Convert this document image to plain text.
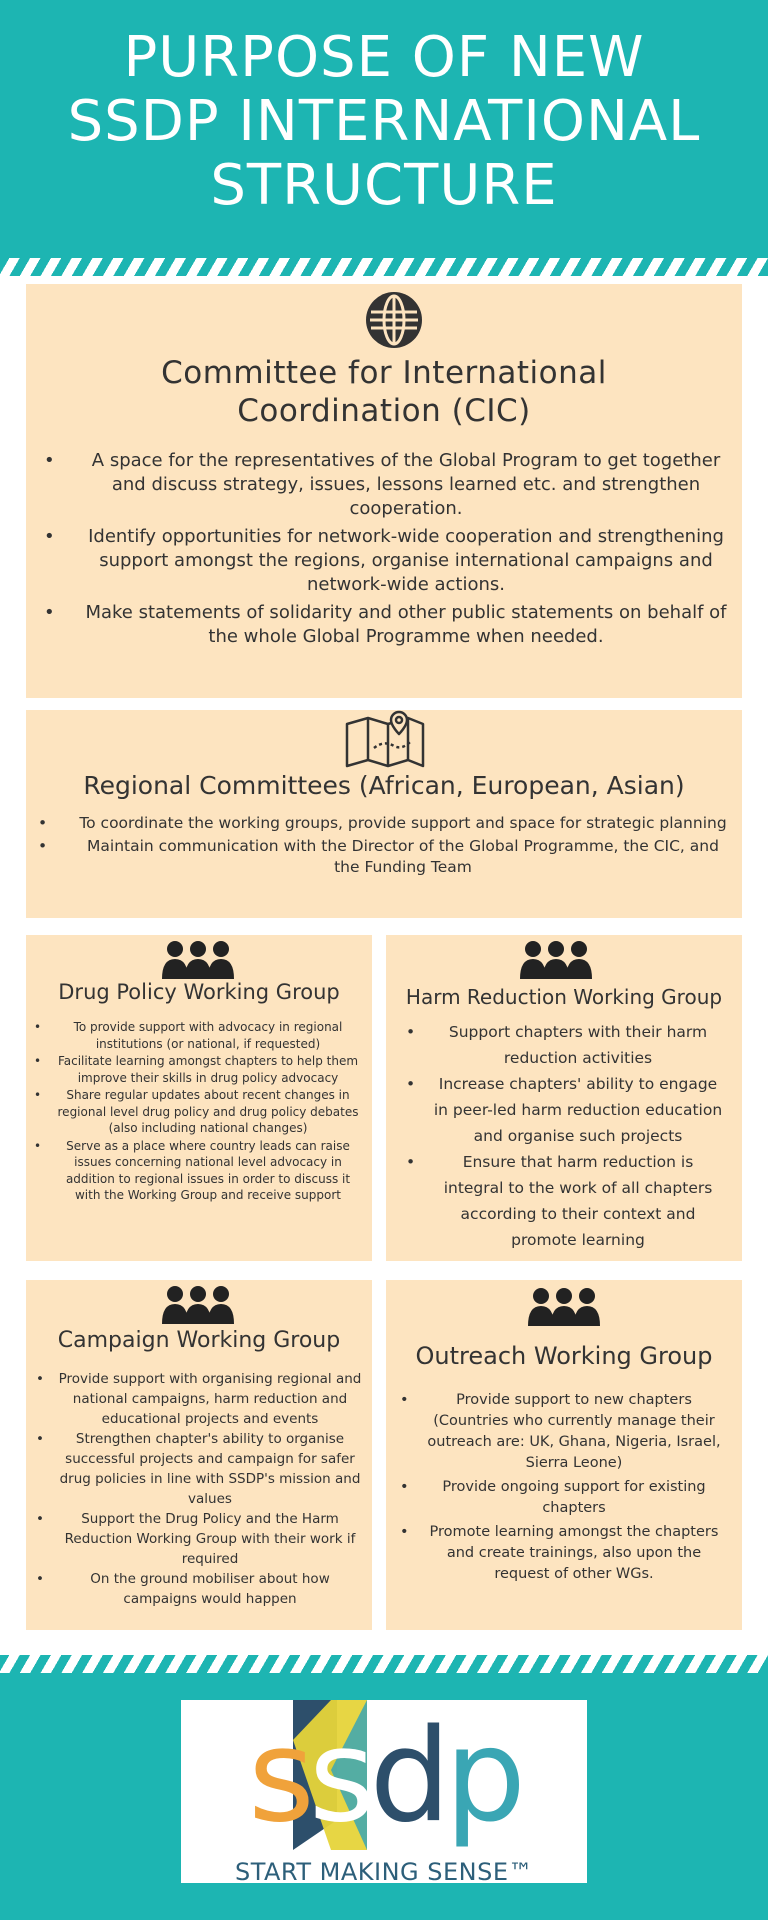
PURPOSE OF NEW
SSDP INTERNATIONAL
STRUCTURE
Committee for International
Coordination (CIC)
• A space for the representatives of the Global Program to get together and discuss strategy, issues, lessons learned etc. and strengthen cooperation.
• Identify opportunities for network-wide cooperation and strengthening support amongst the regions, organise international campaigns and network-wide actions.
• Make statements of solidarity and other public statements on behalf of the whole Global Programme when needed.
Regional Committees (African, European, Asian)
• To coordinate the working groups, provide support and space for strategic planning
• Maintain communication with the Director of the Global Programme, the CIC, and the Funding Team
Drug Policy Working Group
• To provide support with advocacy in regional institutions (or national, if requested)
• Facilitate learning amongst chapters to help them improve their skills in drug policy advocacy
• Share regular updates about recent changes in regional level drug policy and drug policy debates (also including national changes)
• Serve as a place where country leads can raise issues concerning national level advocacy in addition to regional issues in order to discuss it with the Working Group and receive support
Harm Reduction Working Group
• Support chapters with their harm reduction activities
• Increase chapters' ability to engage in peer-led harm reduction education and organise such projects
• Ensure that harm reduction is integral to the work of all chapters according to their context and promote learning
Campaign Working Group
• Provide support with organising regional and national campaigns, harm reduction and educational projects and events
• Strengthen chapter's ability to organise successful projects and campaign for safer drug policies in line with SSDP's mission and values
• Support the Drug Policy and the Harm Reduction Working Group with their work if required
• On the ground mobiliser about how campaigns would happen
Outreach Working Group
• Provide support to new chapters (Countries who currently manage their outreach are: UK, Ghana, Nigeria, Israel, Sierra Leone)
• Provide ongoing support for existing chapters
• Promote learning amongst the chapters and create trainings, also upon the request of other WGs.
ssdp
START MAKING SENSE™
